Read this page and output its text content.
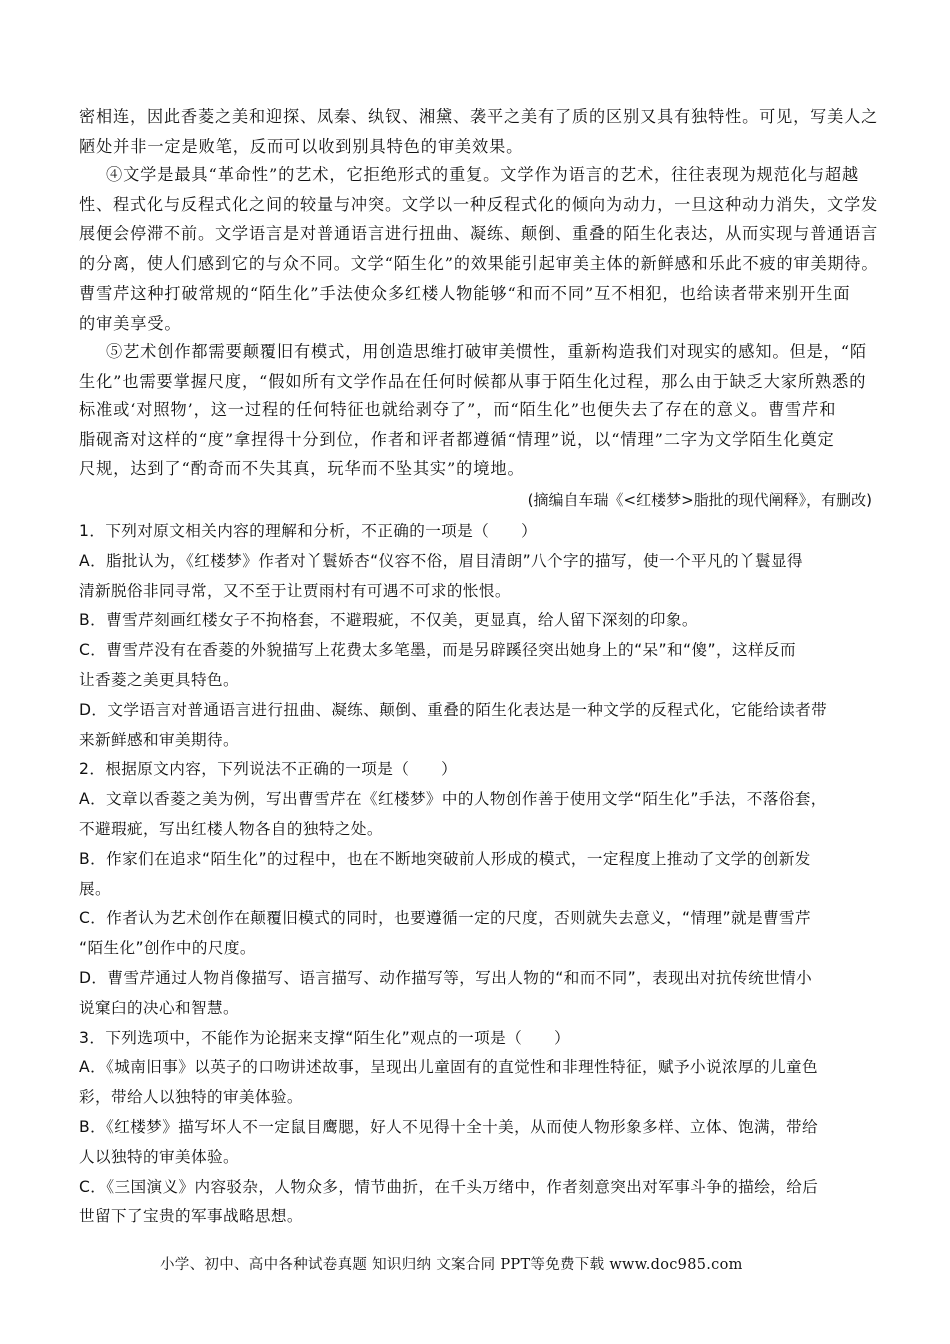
密相连，因此香菱之美和迎探、凤秦、纨钗、湘黛、袭平之美有了质的区别又具有独特性。可见，写美人之
陋处并非一定是败笔，反而可以收到别具特色的审美效果。
④文学是最具“革命性”的艺术，它拒绝形式的重复。文学作为语言的艺术，往往表现为规范化与超越
性、程式化与反程式化之间的较量与冲突。文学以一种反程式化的倾向为动力，一旦这种动力消失，文学发
展便会停滞不前。文学语言是对普通语言进行扭曲、凝练、颠倒、重叠的陌生化表达，从而实现与普通语言
的分离，使人们感到它的与众不同。文学“陌生化”的效果能引起审美主体的新鲜感和乐此不疲的审美期待。
曹雪芹这种打破常规的“陌生化”手法使众多红楼人物能够“和而不同”互不相犯，也给读者带来别开生面
的审美享受。
⑤艺术创作都需要颠覆旧有模式，用创造思维打破审美惯性，重新构造我们对现实的感知。但是，“陌
生化”也需要掌握尺度，“假如所有文学作品在任何时候都从事于陌生化过程，那么由于缺乏大家所熟悉的
标准或‘对照物’，这一过程的任何特征也就给剥夺了”，而“陌生化”也便失去了存在的意义。曹雪芹和
脂砚斋对这样的“度”拿捏得十分到位，作者和评者都遵循“情理”说，以“情理”二字为文学陌生化奠定
尺规，达到了“酌奇而不失其真，玩华而不坠其实”的境地。
(摘编自车瑞《<红楼梦>脂批的现代阐释》，有删改)
1．下列对原文相关内容的理解和分析，不正确的一项是（　　）
A．脂批认为，《红楼梦》作者对丫鬟娇杏“仪容不俗，眉目清朗”八个字的描写，使一个平凡的丫鬟显得
清新脱俗非同寻常，又不至于让贾雨村有可遇不可求的怅恨。
B．曹雪芹刻画红楼女子不拘格套，不避瑕疵，不仅美，更显真，给人留下深刻的印象。
C．曹雪芹没有在香菱的外貌描写上花费太多笔墨，而是另辟蹊径突出她身上的“呆”和“傻”，这样反而
让香菱之美更具特色。
D．文学语言对普通语言进行扭曲、凝练、颠倒、重叠的陌生化表达是一种文学的反程式化，它能给读者带
来新鲜感和审美期待。
2．根据原文内容，下列说法不正确的一项是（　　）
A．文章以香菱之美为例，写出曹雪芹在《红楼梦》中的人物创作善于使用文学“陌生化”手法，不落俗套，
不避瑕疵，写出红楼人物各自的独特之处。
B．作家们在追求“陌生化”的过程中，也在不断地突破前人形成的模式，一定程度上推动了文学的创新发
展。
C．作者认为艺术创作在颠覆旧模式的同时，也要遵循一定的尺度，否则就失去意义，“情理”就是曹雪芹
“陌生化”创作中的尺度。
D．曹雪芹通过人物肖像描写、语言描写、动作描写等，写出人物的“和而不同”，表现出对抗传统世情小
说窠臼的决心和智慧。
3．下列选项中，不能作为论据来支撑“陌生化”观点的一项是（　　）
A．《城南旧事》以英子的口吻讲述故事，呈现出儿童固有的直觉性和非理性特征，赋予小说浓厚的儿童色
彩，带给人以独特的审美体验。
B．《红楼梦》描写坏人不一定鼠目鹰腮，好人不见得十全十美，从而使人物形象多样、立体、饱满，带给
人以独特的审美体验。
C．《三国演义》内容驳杂，人物众多，情节曲折，在千头万绪中，作者刻意突出对军事斗争的描绘，给后
世留下了宝贵的军事战略思想。
小学、初中、高中各种试卷真题 知识归纳 文案合同 PPT等免费下载 www.doc985.com
